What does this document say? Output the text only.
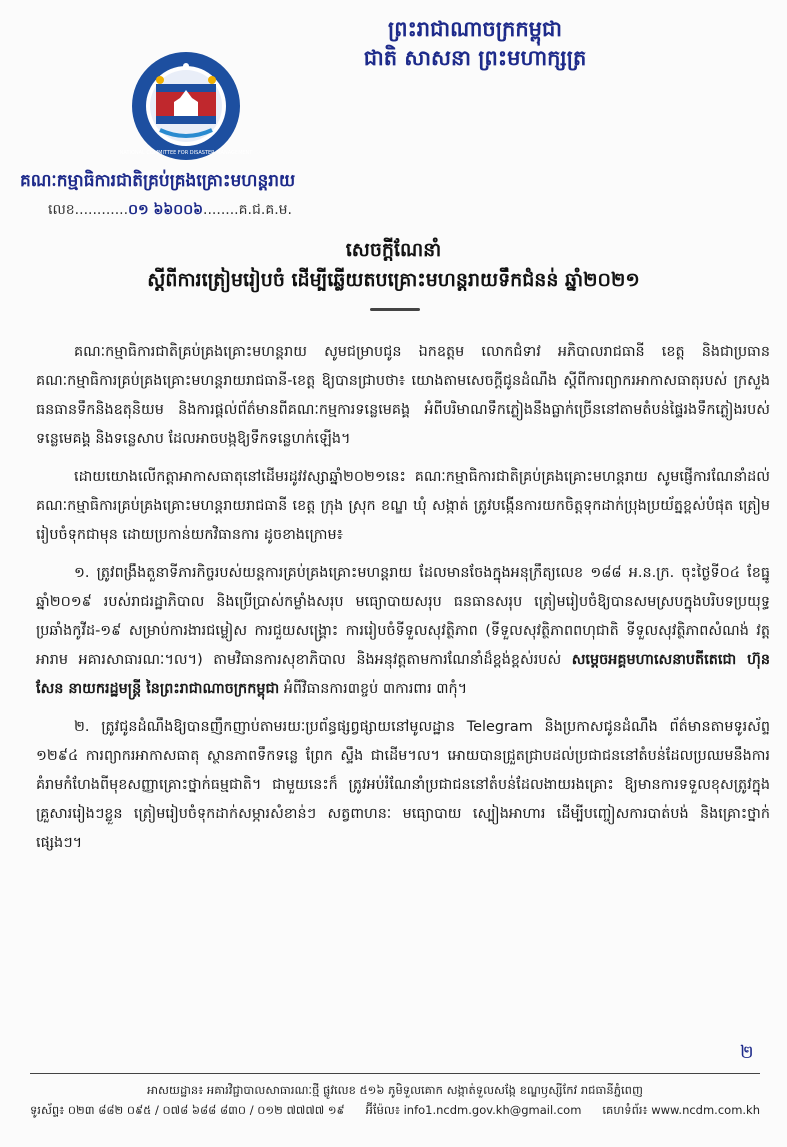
ព្រះរាជាណាចក្រកម្ពុជា
ជាតិ សាសនា ព្រះមហាក្សត្រ
NATIONAL COMMITTEE FOR DISASTER MANAGEMENT
គណៈកម្មាធិការជាតិគ្រប់គ្រងគ្រោះមហន្តរាយ
លេខ............០១ ៦៦០០៦........គ.ជ.គ.ម.
សេចក្តីណែនាំ
ស្តីពីការត្រៀមរៀបចំ ដើម្បីឆ្លើយតបគ្រោះមហន្តរាយទឹកជំនន់ ឆ្នាំ២០២១

គណៈកម្មាធិការជាតិគ្រប់គ្រងគ្រោះមហន្តរាយ សូមជម្រាបជូន ឯកឧត្តម លោកជំទាវ អភិបាលរាជធានី ខេត្ត និងជាប្រធានគណៈកម្មាធិការគ្រប់គ្រងគ្រោះមហន្តរាយរាជធានី-ខេត្ត ឱ្យបានជ្រាបថា៖ យោងតាមសេចក្តីជូនដំណឹង ស្តីពីការព្យាករអាកាសធាតុរបស់ ក្រសួងធនធានទឹកនិងឧតុនិយម និងការផ្តល់ព័ត៌មានពីគណៈកម្មការទន្លេមេគង្គ អំពីបរិមាណទឹកភ្លៀងនឹងធ្លាក់ច្រើននៅតាមតំបន់ផ្ទៃរងទឹកភ្លៀងរបស់ទន្លេមេគង្គ និងទន្លេសាប ដែលអាចបង្កឱ្យទឹកទន្លេហក់ឡើង។

ដោយយោងលើកត្តាអាកាសធាតុនៅដើមរដូវវស្សាឆ្នាំ២០២១នេះ គណៈកម្មាធិការជាតិគ្រប់គ្រងគ្រោះមហន្តរាយ សូមផ្ញើការណែនាំដល់គណៈកម្មាធិការគ្រប់គ្រងគ្រោះមហន្តរាយរាជធានី ខេត្ត ក្រុង ស្រុក ខណ្ឌ ឃុំ សង្កាត់ ត្រូវបង្កើនការយកចិត្តទុកដាក់ប្រុងប្រយ័ត្នខ្ពស់បំផុត ត្រៀមរៀបចំទុកជាមុន ដោយប្រកាន់យកវិធានការ ដូចខាងក្រោម៖

១. ត្រូវពង្រឹងតួនាទីភារកិច្ចរបស់យន្តការគ្រប់គ្រងគ្រោះមហន្តរាយ ដែលមានចែងក្នុងអនុក្រឹត្យលេខ ១៨៨ អ.ន.ក្រ. ចុះថ្ងៃទី០៤ ខែធ្នូ ឆ្នាំ២០១៩ របស់រាជរដ្ឋាភិបាល និងប្រើប្រាស់កម្លាំងសរុប មធ្យោបាយសរុប ធនធានសរុប ត្រៀមរៀបចំឱ្យបានសមស្របក្នុងបរិបទប្រយុទ្ធប្រឆាំងកូវីដ-១៩ សម្រាប់ការងារជម្លៀស ការជួយសង្គ្រោះ ការរៀបចំទីទួលសុវត្ថិភាព (ទីទួលសុវត្ថិភាពពហុជាតិ ទីទួលសុវត្ថិភាពសំណង់ វត្តអារាម អគារសាធារណៈ។ល។) តាមវិធានការសុខាភិបាល និងអនុវត្តតាមការណែនាំដ៏ខ្ពង់ខ្ពស់របស់ សម្តេចអគ្គមហាសេនាបតីតេជោ ហ៊ុន សែន នាយករដ្ឋមន្ត្រី នៃព្រះរាជាណាចក្រកម្ពុជា អំពីវិធានការ៣ខ្ចប់ ៣ការពារ ៣កុំ។

២. ត្រូវជូនដំណឹងឱ្យបានញឹកញាប់តាមរយៈប្រព័ន្ធផ្សព្វផ្សាយនៅមូលដ្ឋាន Telegram និងប្រកាសជូនដំណឹង ព័ត៌មានតាមទូរស័ព្ទ ១២៩៤ ការព្យាករអាកាសធាតុ ស្ថានភាពទឹកទន្លេ ព្រែក ស្ទឹង ជាដើម។ល។ អោយបានជ្រួតជ្រាបដល់ប្រជាជននៅតំបន់ដែលប្រឈមនឹងការគំរាមកំហែងពីមុខសញ្ញាគ្រោះថ្នាក់ធម្មជាតិ។ ជាមួយនេះក៏ ត្រូវអប់រំណែនាំប្រជាជននៅតំបន់ដែលងាយរងគ្រោះ ឱ្យមានការទទួលខុសត្រូវក្នុងគ្រួសាររៀងៗខ្លួន ត្រៀមរៀបចំទុកដាក់សម្ភារសំខាន់ៗ សត្វពាហនៈ មធ្យោបាយ ស្បៀងអាហារ ដើម្បីបញ្ចៀសការបាត់បង់ និងគ្រោះថ្នាក់ផ្សេងៗ។

២
អាសយដ្ឋាន៖ អគារវិជ្ជាបាលសាធារណៈថ្មី ផ្លូវលេខ ៥១៦ ភូមិទួលគោក សង្កាត់ទួលសង្កែ ខណ្ឌឫស្សីកែវ រាជធានីភ្នំពេញ
ទូរស័ព្ទ៖ ០២៣ ៨៨២ ០៩៥ / ០៧៨ ៦៨៨ ៨៣០ / ០១២ ៧៧៧៧ ១៩ អ៊ីម៉ែល៖ info1.ncdm.gov.kh@gmail.com គេហទំព័រ៖ www.ncdm.com.kh
